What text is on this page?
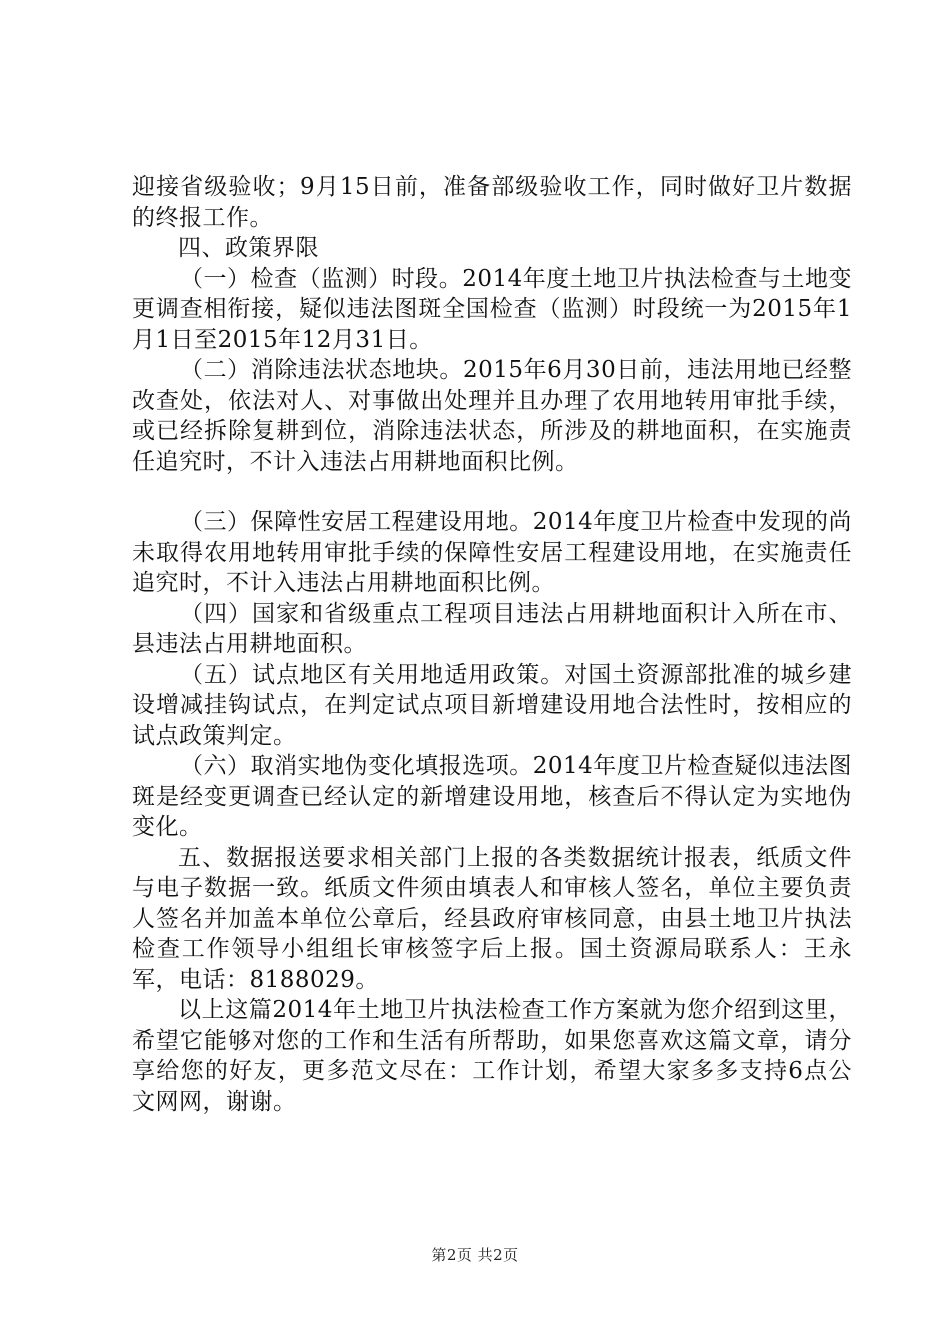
迎接省级验收；9月15日前，准备部级验收工作，同时做好卫片数据的终报工作。

四、政策界限

（一）检查（监测）时段。2014年度土地卫片执法检查与土地变更调查相衔接，疑似违法图斑全国检查（监测）时段统一为2015年1月1日至2015年12月31日。

（二）消除违法状态地块。2015年6月30日前，违法用地已经整改查处，依法对人、对事做出处理并且办理了农用地转用审批手续，或已经拆除复耕到位，消除违法状态，所涉及的耕地面积，在实施责任追究时，不计入违法占用耕地面积比例。

（三）保障性安居工程建设用地。2014年度卫片检查中发现的尚未取得农用地转用审批手续的保障性安居工程建设用地，在实施责任追究时，不计入违法占用耕地面积比例。

（四）国家和省级重点工程项目违法占用耕地面积计入所在市、县违法占用耕地面积。

（五）试点地区有关用地适用政策。对国土资源部批准的城乡建设增减挂钩试点，在判定试点项目新增建设用地合法性时，按相应的试点政策判定。

（六）取消实地伪变化填报选项。2014年度卫片检查疑似违法图斑是经变更调查已经认定的新增建设用地，核查后不得认定为实地伪变化。

五、数据报送要求相关部门上报的各类数据统计报表，纸质文件与电子数据一致。纸质文件须由填表人和审核人签名，单位主要负责人签名并加盖本单位公章后，经县政府审核同意，由县土地卫片执法检查工作领导小组组长审核签字后上报。国土资源局联系人：王永军，电话：8188029。

以上这篇2014年土地卫片执法检查工作方案就为您介绍到这里，希望它能够对您的工作和生活有所帮助，如果您喜欢这篇文章，请分享给您的好友，更多范文尽在：工作计划，希望大家多多支持6点公文网网，谢谢。

第2页 共2页
